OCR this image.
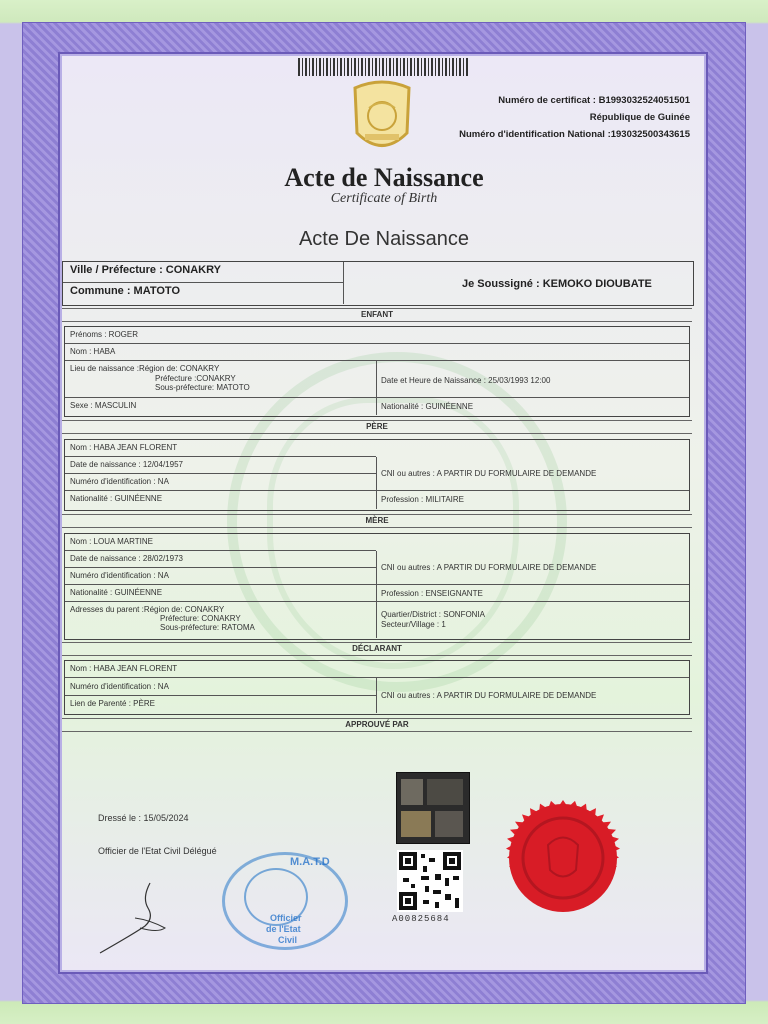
Numéro de certificat : B1993032524051501
République de Guinée
Numéro d'identification National :193032500343615
Acte de Naissance
Certificate of Birth
Acte De Naissance
Ville / Préfecture : CONAKRY
Commune : MATOTO
Je Soussigné : KEMOKO DIOUBATE
ENFANT
Prénoms : ROGER
Nom : HABA
Lieu de naissance :Région de: CONAKRY
Préfecture :CONAKRY
Sous-préfecture: MATOTO
Date et Heure de Naissance : 25/03/1993 12:00
Sexe : MASCULIN	Nationalité : GUINÉENNE
PÈRE
Nom : HABA JEAN FLORENT
Date de naissance : 12/04/1957
Numéro d'identification : NA
Nationalité : GUINÉENNE
CNI ou autres : A PARTIR DU FORMULAIRE DE DEMANDE
Profession : MILITAIRE
MÈRE
Nom : LOUA MARTINE
Date de naissance : 28/02/1973
Numéro d'identification : NA
Nationalité : GUINÉENNE
CNI ou autres : A PARTIR DU FORMULAIRE DE DEMANDE
Profession : ENSEIGNANTE
Adresses du parent :Région de: CONAKRY
Préfecture: CONAKRY
Sous-préfecture: RATOMA
Quartier/District : SONFONIA
Secteur/Village : 1
DÉCLARANT
Nom : HABA JEAN FLORENT
Numéro d'identification : NA
Lien de Parenté : PÈRE
CNI ou autres : A PARTIR DU FORMULAIRE DE DEMANDE
APPROUVÉ PAR
Dressé le : 15/05/2024
Officier de l'Etat Civil Délégué
M.A.T.D
Officier
de l'Etat
Civil
A00825684
